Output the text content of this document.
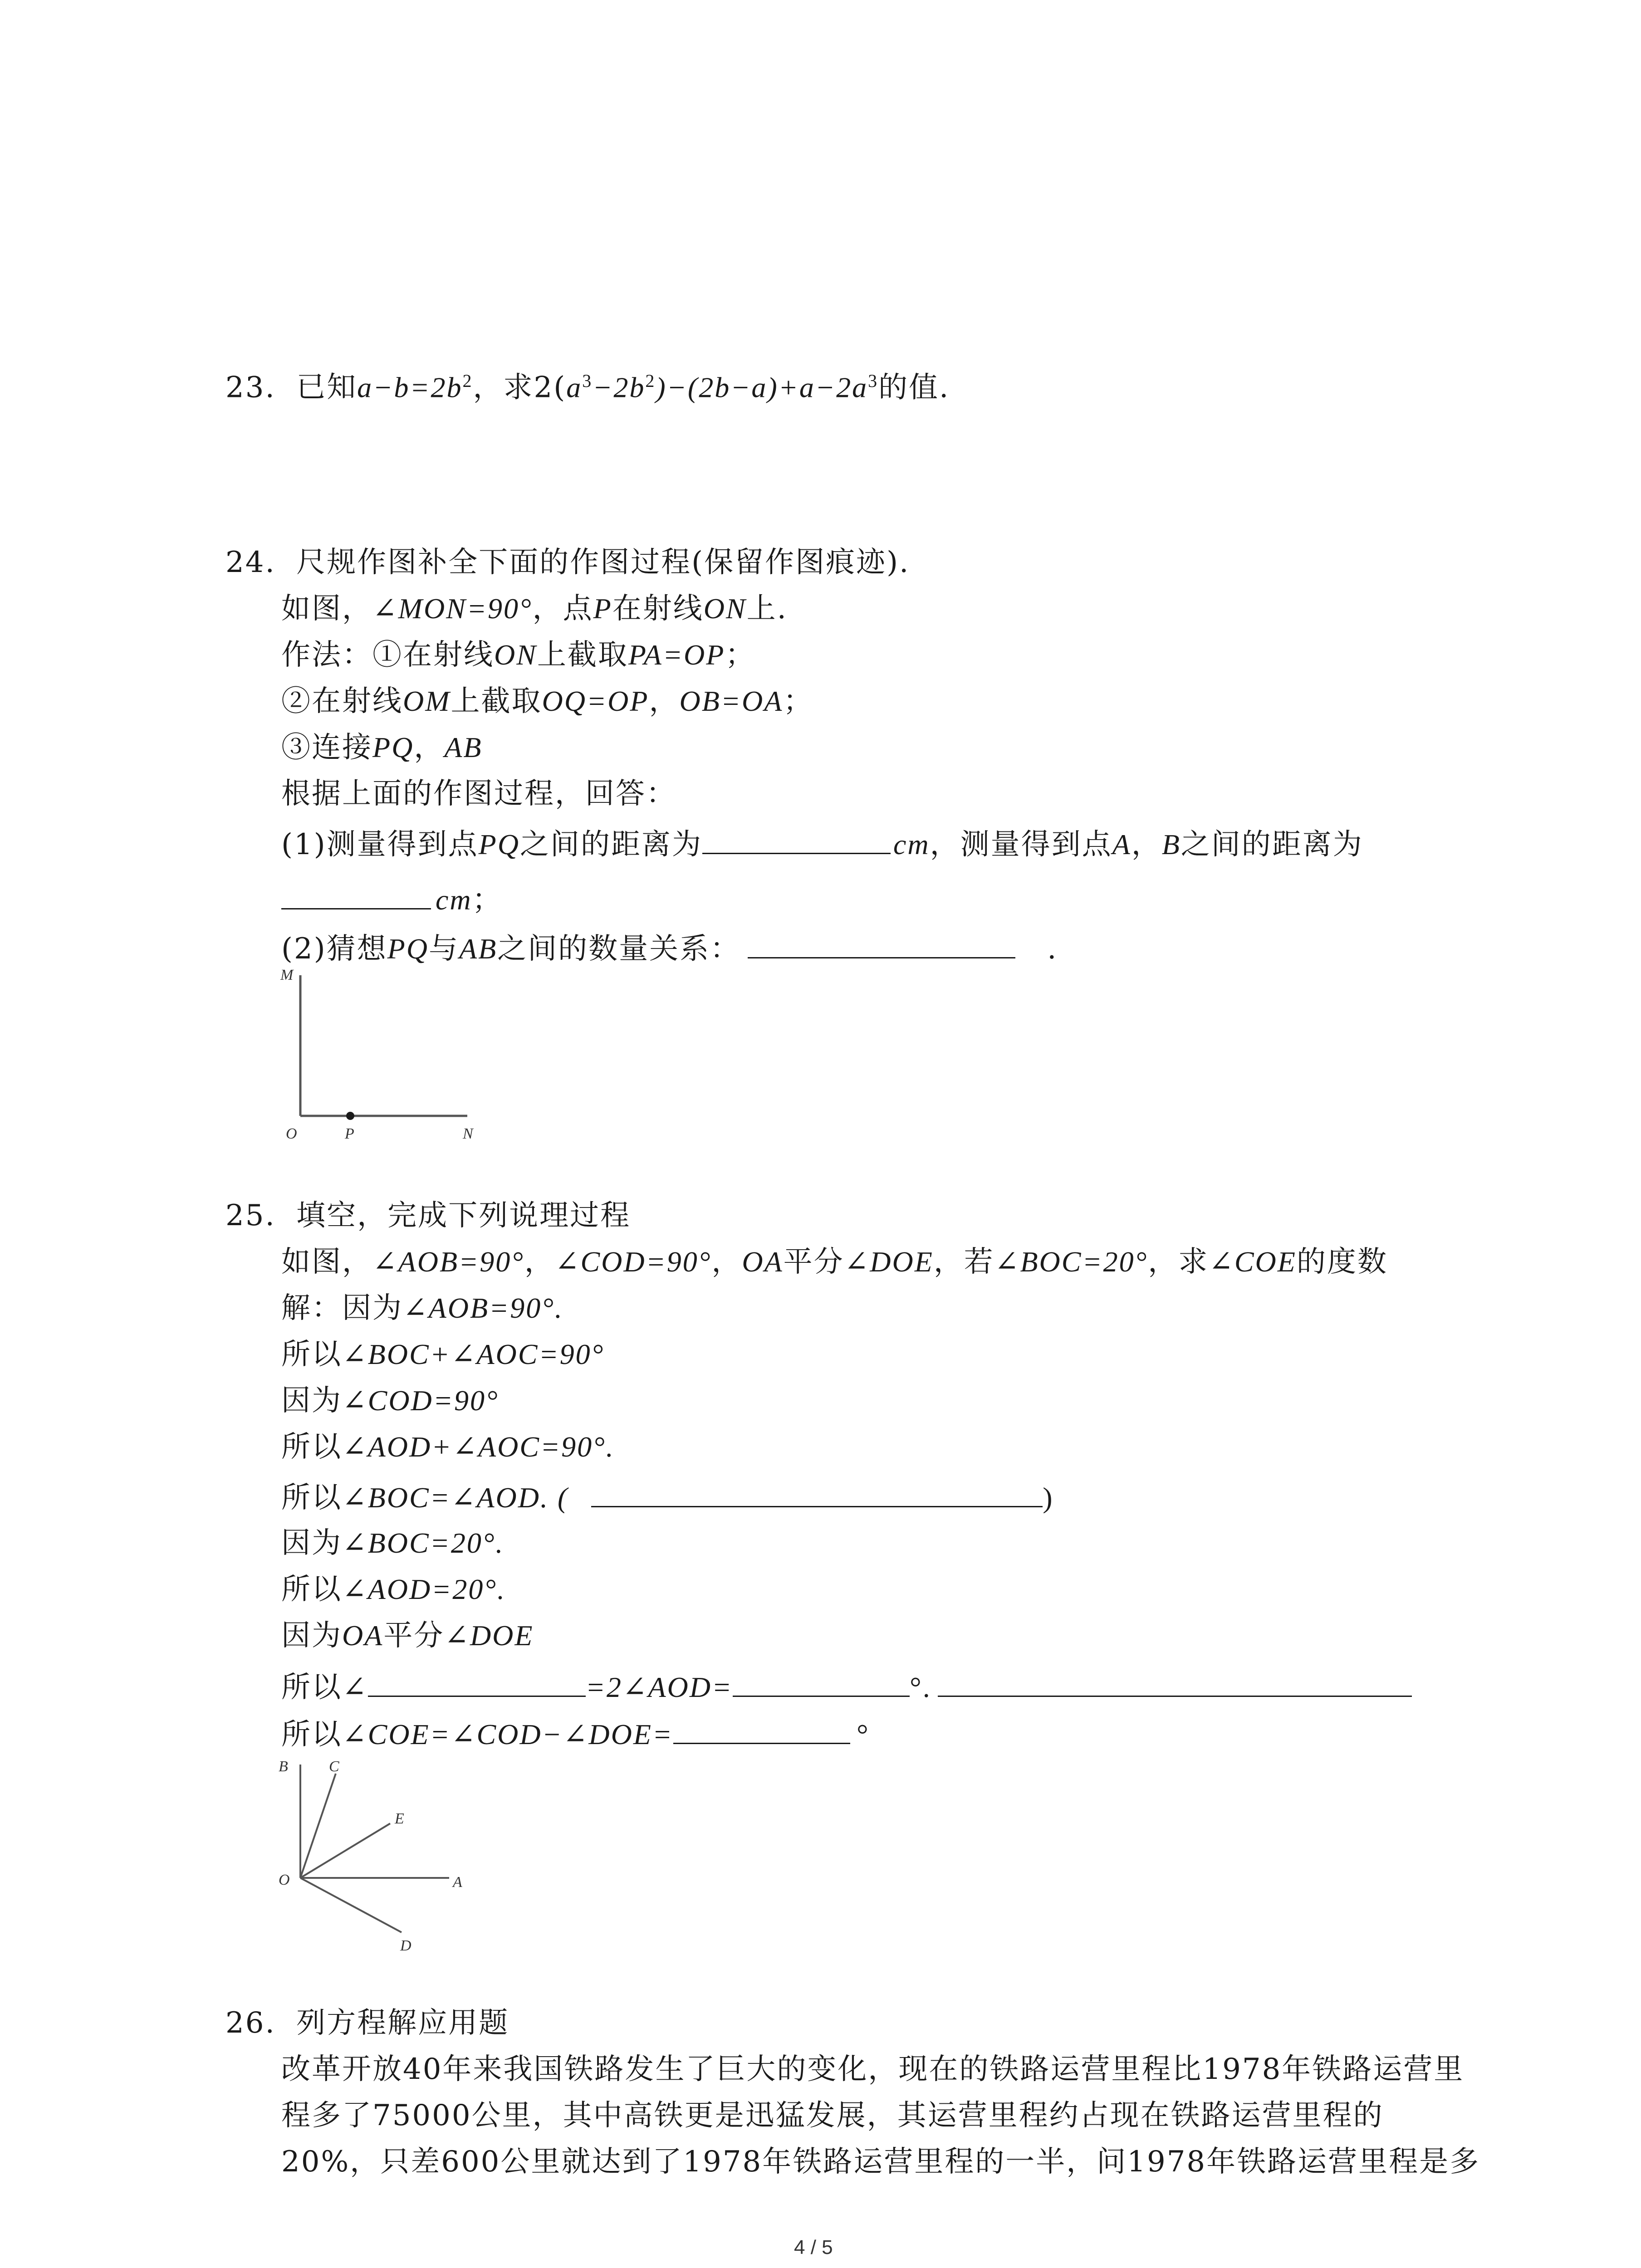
23. 已知$a-b=2b^2$，求$2(a^3-2b^2)-(2b-a)+a-2a^3$的值.
24. 尺规作图补全下面的作图过程(保留作图痕迹).
如图，∠MON=90°，点P在射线ON上.
作法：①在射线ON上截取PA=OP；
②在射线OM上截取OQ=OP，OB=OA；
③连接PQ，AB
根据上面的作图过程，回答：
(1)测量得到点PQ之间的距离为	cm，测量得到点A，B之间的距离为
cm；
(2)猜想PQ与AB之间的数量关系：	.
M
O	P	N
25. 填空，完成下列说理过程
如图，∠AOB=90°，∠COD=90°，OA平分∠DOE，若∠BOC=20°，求∠COE的度数
解：因为∠AOB=90°.
所以∠BOC+∠AOC=90°
因为∠COD=90°
所以∠AOD+∠AOC=90°.
所以∠BOC=∠AOD. (	)
因为∠BOC=20°.
所以∠AOD=20°.
因为OA平分∠DOE
所以∠	=2∠AOD=	°.
所以∠COE=∠COD−∠DOE=	°
B	C
E
O	A
D
26. 列方程解应用题
改革开放40年来我国铁路发生了巨大的变化，现在的铁路运营里程比1978年铁路运营里
程多了75000公里，其中高铁更是迅猛发展，其运营里程约占现在铁路运营里程的
20%，只差600公里就达到了1978年铁路运营里程的一半，问1978年铁路运营里程是多
4 / 5
